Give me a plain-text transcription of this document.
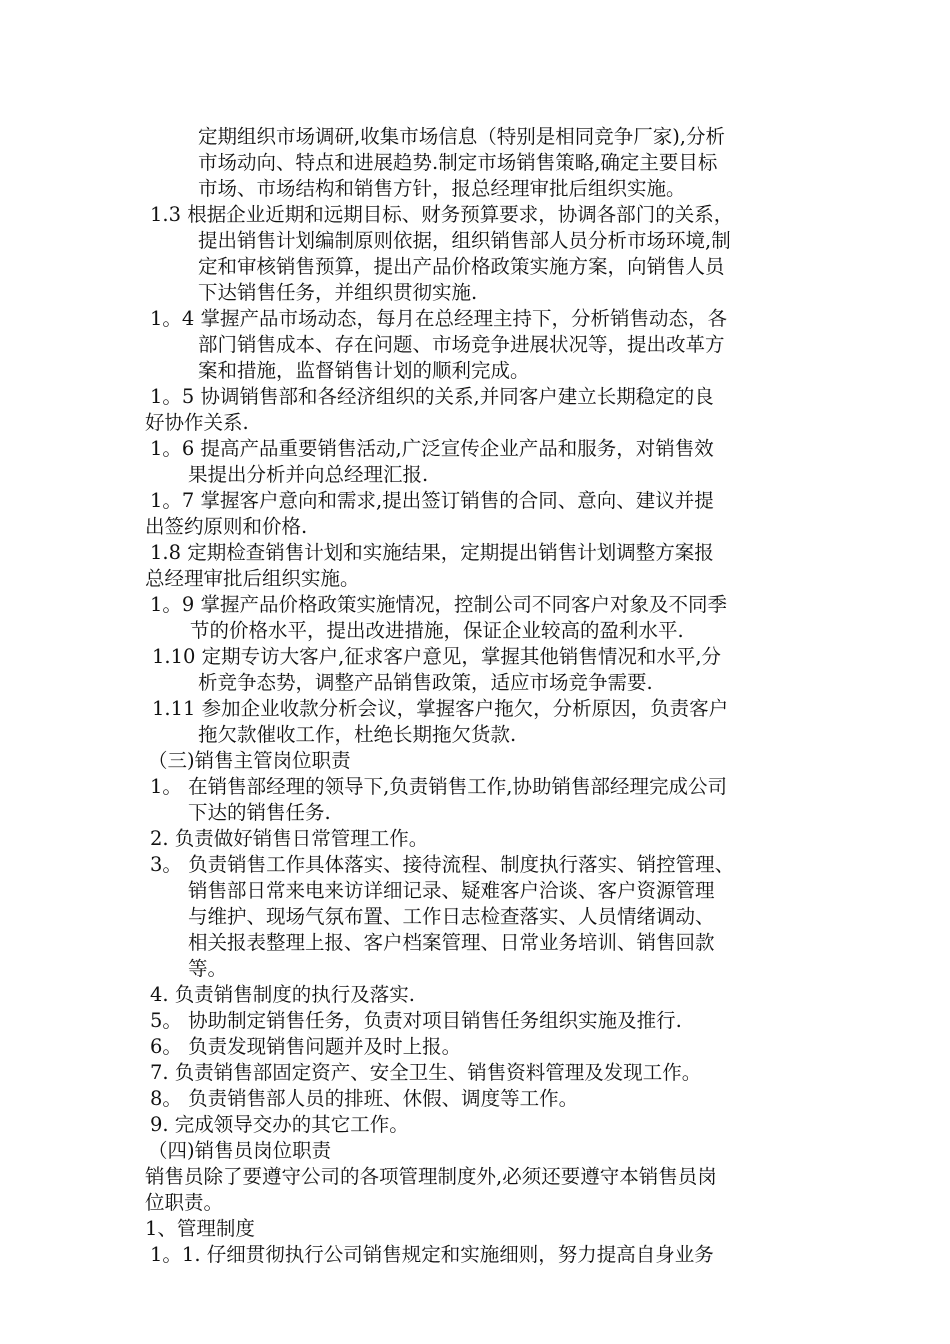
定期组织市场调研,收集市场信息（特别是相同竞争厂家),分析
市场动向、特点和进展趋势.制定市场销售策略,确定主要目标
市场、市场结构和销售方针，报总经理审批后组织实施。
1.3 根据企业近期和远期目标、财务预算要求，协调各部门的关系，
提出销售计划编制原则依据，组织销售部人员分析市场环境,制
定和审核销售预算，提出产品价格政策实施方案，向销售人员
下达销售任务，并组织贯彻实施.
1。4 掌握产品市场动态，每月在总经理主持下，分析销售动态，各
部门销售成本、存在问题、市场竞争进展状况等，提出改革方
案和措施，监督销售计划的顺利完成。
1。5 协调销售部和各经济组织的关系,并同客户建立长期稳定的良
好协作关系.
1。6 提高产品重要销售活动,广泛宣传企业产品和服务，对销售效
果提出分析并向总经理汇报.
1。7 掌握客户意向和需求,提出签订销售的合同、意向、建议并提
出签约原则和价格.
1.8 定期检查销售计划和实施结果，定期提出销售计划调整方案报
总经理审批后组织实施。
1。9 掌握产品价格政策实施情况，控制公司不同客户对象及不同季
节的价格水平，提出改进措施，保证企业较高的盈利水平.
1.10 定期专访大客户,征求客户意见，掌握其他销售情况和水平,分
析竞争态势，调整产品销售政策，适应市场竞争需要.
1.11 参加企业收款分析会议，掌握客户拖欠，分析原因，负责客户
拖欠款催收工作，杜绝长期拖欠货款.
（三)销售主管岗位职责
1。 在销售部经理的领导下,负责销售工作,协助销售部经理完成公司
下达的销售任务.
2. 负责做好销售日常管理工作。
3。 负责销售工作具体落实、接待流程、制度执行落实、销控管理、
销售部日常来电来访详细记录、疑难客户洽谈、客户资源管理
与维护、现场气氛布置、工作日志检查落实、人员情绪调动、
相关报表整理上报、客户档案管理、日常业务培训、销售回款
等。
4. 负责销售制度的执行及落实.
5。 协助制定销售任务，负责对项目销售任务组织实施及推行.
6。 负责发现销售问题并及时上报。
7. 负责销售部固定资产、安全卫生、销售资料管理及发现工作。
8。 负责销售部人员的排班、休假、调度等工作。
9. 完成领导交办的其它工作。
（四)销售员岗位职责
销售员除了要遵守公司的各项管理制度外,必须还要遵守本销售员岗
位职责。
1、管理制度
1。1. 仔细贯彻执行公司销售规定和实施细则，努力提高自身业务
